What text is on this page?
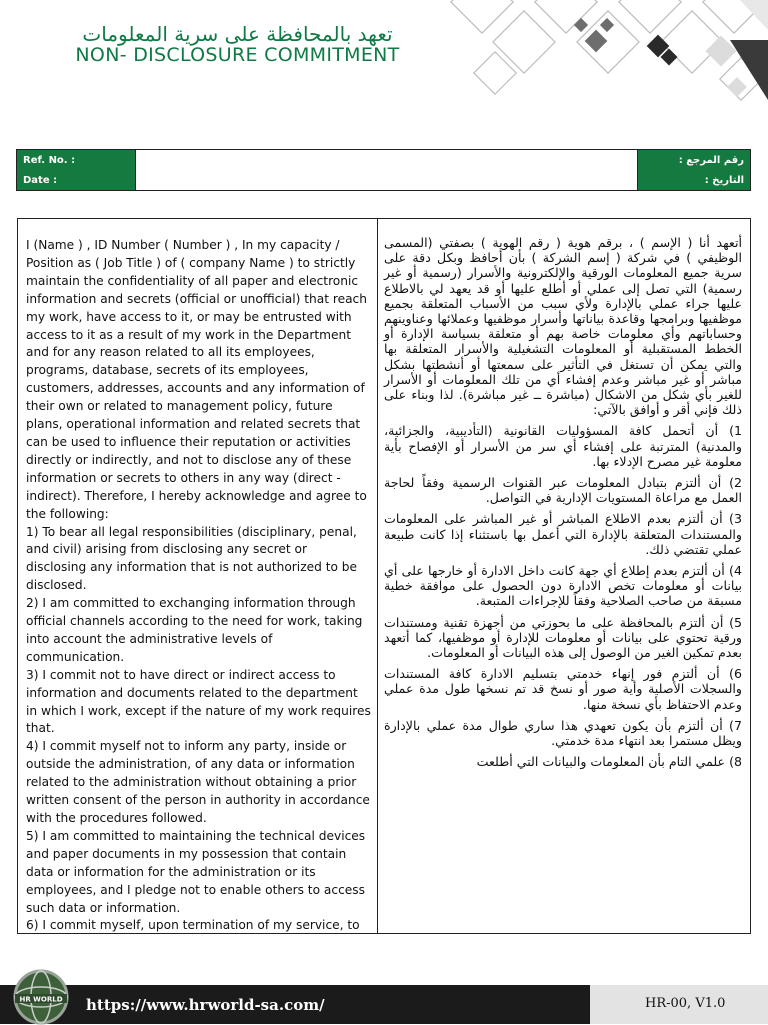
تعهد بالمحافظة على سرية المعلومات
NON- DISCLOSURE COMMITMENT
Ref. No. :
Date :
رقم المرجع :
التاريخ :

I (Name ) , ID Number ( Number ) , In my capacity / Position as ( Job Title ) of ( company Name ) to strictly maintain the confidentiality of all paper and electronic information and secrets (official or unofficial) that reach my work, have access to it, or may be entrusted with access to it as a result of my work in the Department and for any reason related to all its employees, programs, database, secrets of its employees, customers, addresses, accounts and any information of their own or related to management policy, future plans, operational information and related secrets that can be used to influence their reputation or activities directly or indirectly, and not to disclose any of these information or secrets to others in any way (direct - indirect). Therefore, I hereby acknowledge and agree to the following:

1) To bear all legal responsibilities (disciplinary, penal, and civil) arising from disclosing any secret or disclosing any information that is not authorized to be disclosed.

2) I am committed to exchanging information through official channels according to the need for work, taking into account the administrative levels of communication.

3) I commit not to have direct or indirect access to information and documents related to the department in which I work, except if the nature of my work requires that.

4) I commit myself not to inform any party, inside or outside the administration, of any data or information related to the administration without obtaining a prior written consent of the person in authority in accordance with the procedures followed.

5) I am committed to maintaining the technical devices and paper documents in my possession that contain data or information for the administration or its employees, and I pledge not to enable others to access such data or information.

6) I commit myself, upon termination of my service, to

أتعهد أنا ( الإسم ) ، برقم هوية ( رقم الهوية ) بصفتي (المسمى الوظيفي ) في شركة ( إسم الشركة ) بأن أحافظ وبكل دقة على سرية جميع المعلومات الورقية والإلكترونية والأسرار (رسمية أو غير رسمية) التي تصل إلى عملي أو أطلع عليها أو قد يعهد لي بالاطلاع عليها جراء عملي بالإدارة ولأي سبب من الأسباب المتعلقة بجميع موظفيها وبرامجها وقاعدة بياناتها وأسرار موظفيها وعملائها وعناوينهم وحساباتهم وأي معلومات خاصة بهم أو متعلقة بسياسة الإدارة أو الخطط المستقبلية أو المعلومات التشغيلية والأسرار المتعلقة بها والتي يمكن أن تستغل في التأثير على سمعتها أو أنشطتها بشكل مباشر أو غير مباشر وعدم إفشاء أي من تلك المعلومات أو الأسرار للغير بأي شكل من الاشكال (مباشرة ــ غير مباشرة). لذا وبناء على ذلك فإني أقر و أوافق بالآتي:

1) أن أتحمل كافة المسؤوليات القانونية (التأديبية، والجزائية، والمدنية) المترتبة على إفشاء أي سر من الأسرار أو الإفصاح بأية معلومة غير مصرح الإدلاء بها.

2) أن ألتزم بتبادل المعلومات عبر القنوات الرسمية وفقاً لحاجة العمل مع مراعاة المستويات الإدارية في التواصل.

3) أن ألتزم بعدم الاطلاع المباشر أو غير المباشر على المعلومات والمستندات المتعلقة بالإدارة التي أعمل بها باستثناء إذا كانت طبيعة عملي تقتضي ذلك.

4) أن ألتزم بعدم إطلاع أي جهة كانت داخل الادارة أو خارجها على أي بيانات أو معلومات تخص الادارة دون الحصول على موافقة خطية مسبقة من صاحب الصلاحية وفقاً للإجراءات المتبعة.

5) أن ألتزم بالمحافظة على ما بحوزتي من أجهزة تقنية ومستندات ورقية تحتوي على بيانات أو معلومات للإدارة أو موظفيها، كما أتعهد بعدم تمكين الغير من الوصول إلى هذه البيانات أو المعلومات.

6) أن ألتزم فور إنهاء خدمتي بتسليم الادارة كافة المستندات والسجلات الأصلية وأية صور أو نسخ قد تم نسخها طول مدة عملي وعدم الاحتفاظ بأي نسخة منها.

7) أن ألتزم بأن يكون تعهدي هذا ساري طوال مدة عملي بالإدارة ويظل مستمرا بعد انتهاء مدة خدمتي.

8) علمي التام بأن المعلومات والبيانات التي أطلعت

HR WORLD https://www.hrworld-sa.com/	HR-00, V1.0
